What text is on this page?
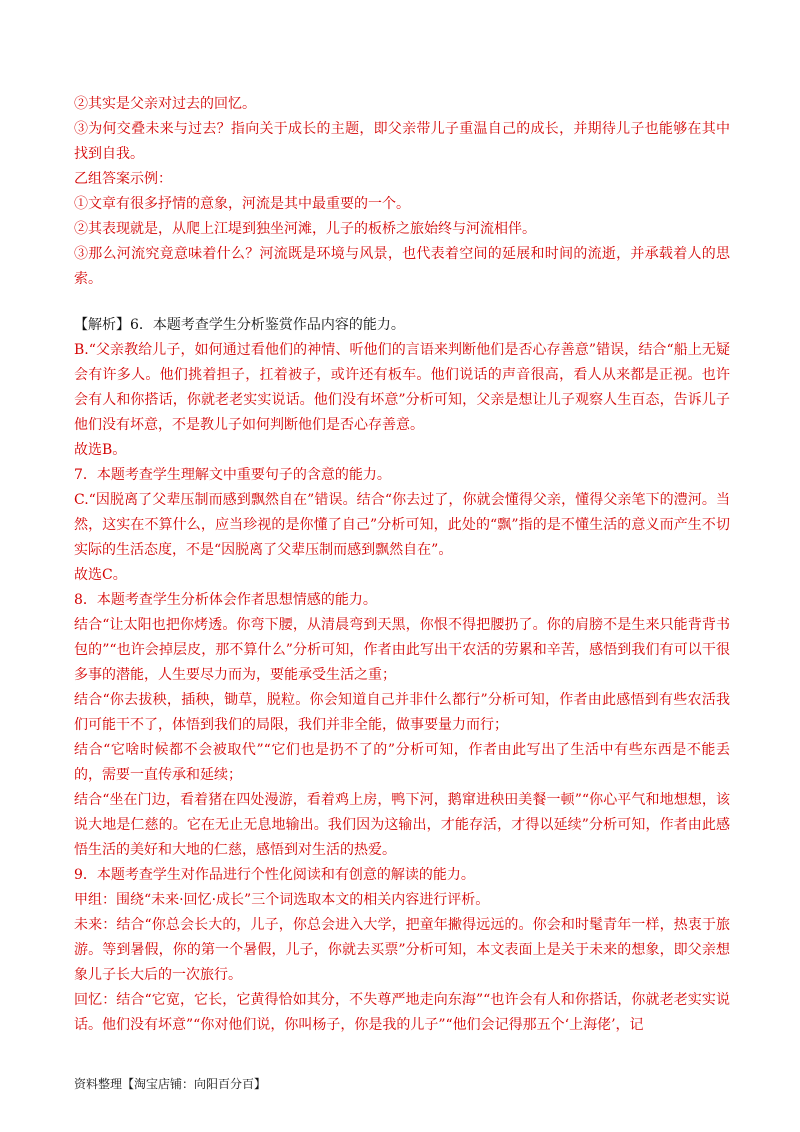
②其实是父亲对过去的回忆。

③为何交叠未来与过去？指向关于成长的主题，即父亲带儿子重温自己的成长，并期待儿子也能够在其中找到自我。

乙组答案示例：

①文章有很多抒情的意象，河流是其中最重要的一个。

②其表现就是，从爬上江堤到独坐河滩，儿子的板桥之旅始终与河流相伴。

③那么河流究竟意味着什么？河流既是环境与风景，也代表着空间的延展和时间的流逝，并承载着人的思索。

【解析】6．本题考查学生分析鉴赏作品内容的能力。

B.“父亲教给儿子，如何通过看他们的神情、听他们的言语来判断他们是否心存善意”错误，结合“船上无疑会有许多人。他们挑着担子，扛着被子，或许还有板车。他们说话的声音很高，看人从来都是正视。也许会有人和你搭话，你就老老实实说话。他们没有坏意”分析可知，父亲是想让儿子观察人生百态，告诉儿子他们没有坏意，不是教儿子如何判断他们是否心存善意。

故选B。

7．本题考查学生理解文中重要句子的含意的能力。

C.“因脱离了父辈压制而感到飘然自在”错误。结合“你去过了，你就会懂得父亲，懂得父亲笔下的澧河。当然，这实在不算什么，应当珍视的是你懂了自己”分析可知，此处的“飘”指的是不懂生活的意义而产生不切实际的生活态度，不是“因脱离了父辈压制而感到飘然自在”。

故选C。

8．本题考查学生分析体会作者思想情感的能力。

结合“让太阳也把你烤透。你弯下腰，从清晨弯到天黑，你恨不得把腰扔了。你的肩膀不是生来只能背背书包的”“也许会掉层皮，那不算什么”分析可知，作者由此写出干农活的劳累和辛苦，感悟到我们有可以干很多事的潜能，人生要尽力而为，要能承受生活之重；

结合“你去拔秧，插秧，锄草，脱粒。你会知道自己并非什么都行”分析可知，作者由此感悟到有些农活我们可能干不了，体悟到我们的局限，我们并非全能，做事要量力而行；

结合“它啥时候都不会被取代”“它们也是扔不了的”分析可知，作者由此写出了生活中有些东西是不能丢的，需要一直传承和延续；

结合“坐在门边，看着猪在四处漫游，看着鸡上房，鸭下河，鹅窜进秧田美餐一顿”“你心平气和地想想，该说大地是仁慈的。它在无止无息地输出。我们因为这输出，才能存活，才得以延续”分析可知，作者由此感悟生活的美好和大地的仁慈，感悟到对生活的热爱。

9．本题考查学生对作品进行个性化阅读和有创意的解读的能力。

甲组：围绕“未来·回忆·成长”三个词选取本文的相关内容进行评析。

未来：结合“你总会长大的，儿子，你总会进入大学，把童年撇得远远的。你会和时髦青年一样，热衷于旅游。等到暑假，你的第一个暑假，儿子，你就去买票”分析可知，本文表面上是关于未来的想象，即父亲想象儿子长大后的一次旅行。

回忆：结合“它宽，它长，它黄得恰如其分，不失尊严地走向东海”“也许会有人和你搭话，你就老老实实说话。他们没有坏意”“你对他们说，你叫杨子，你是我的儿子”“他们会记得那五个‘上海佬’，记

资料整理【淘宝店铺：向阳百分百】
